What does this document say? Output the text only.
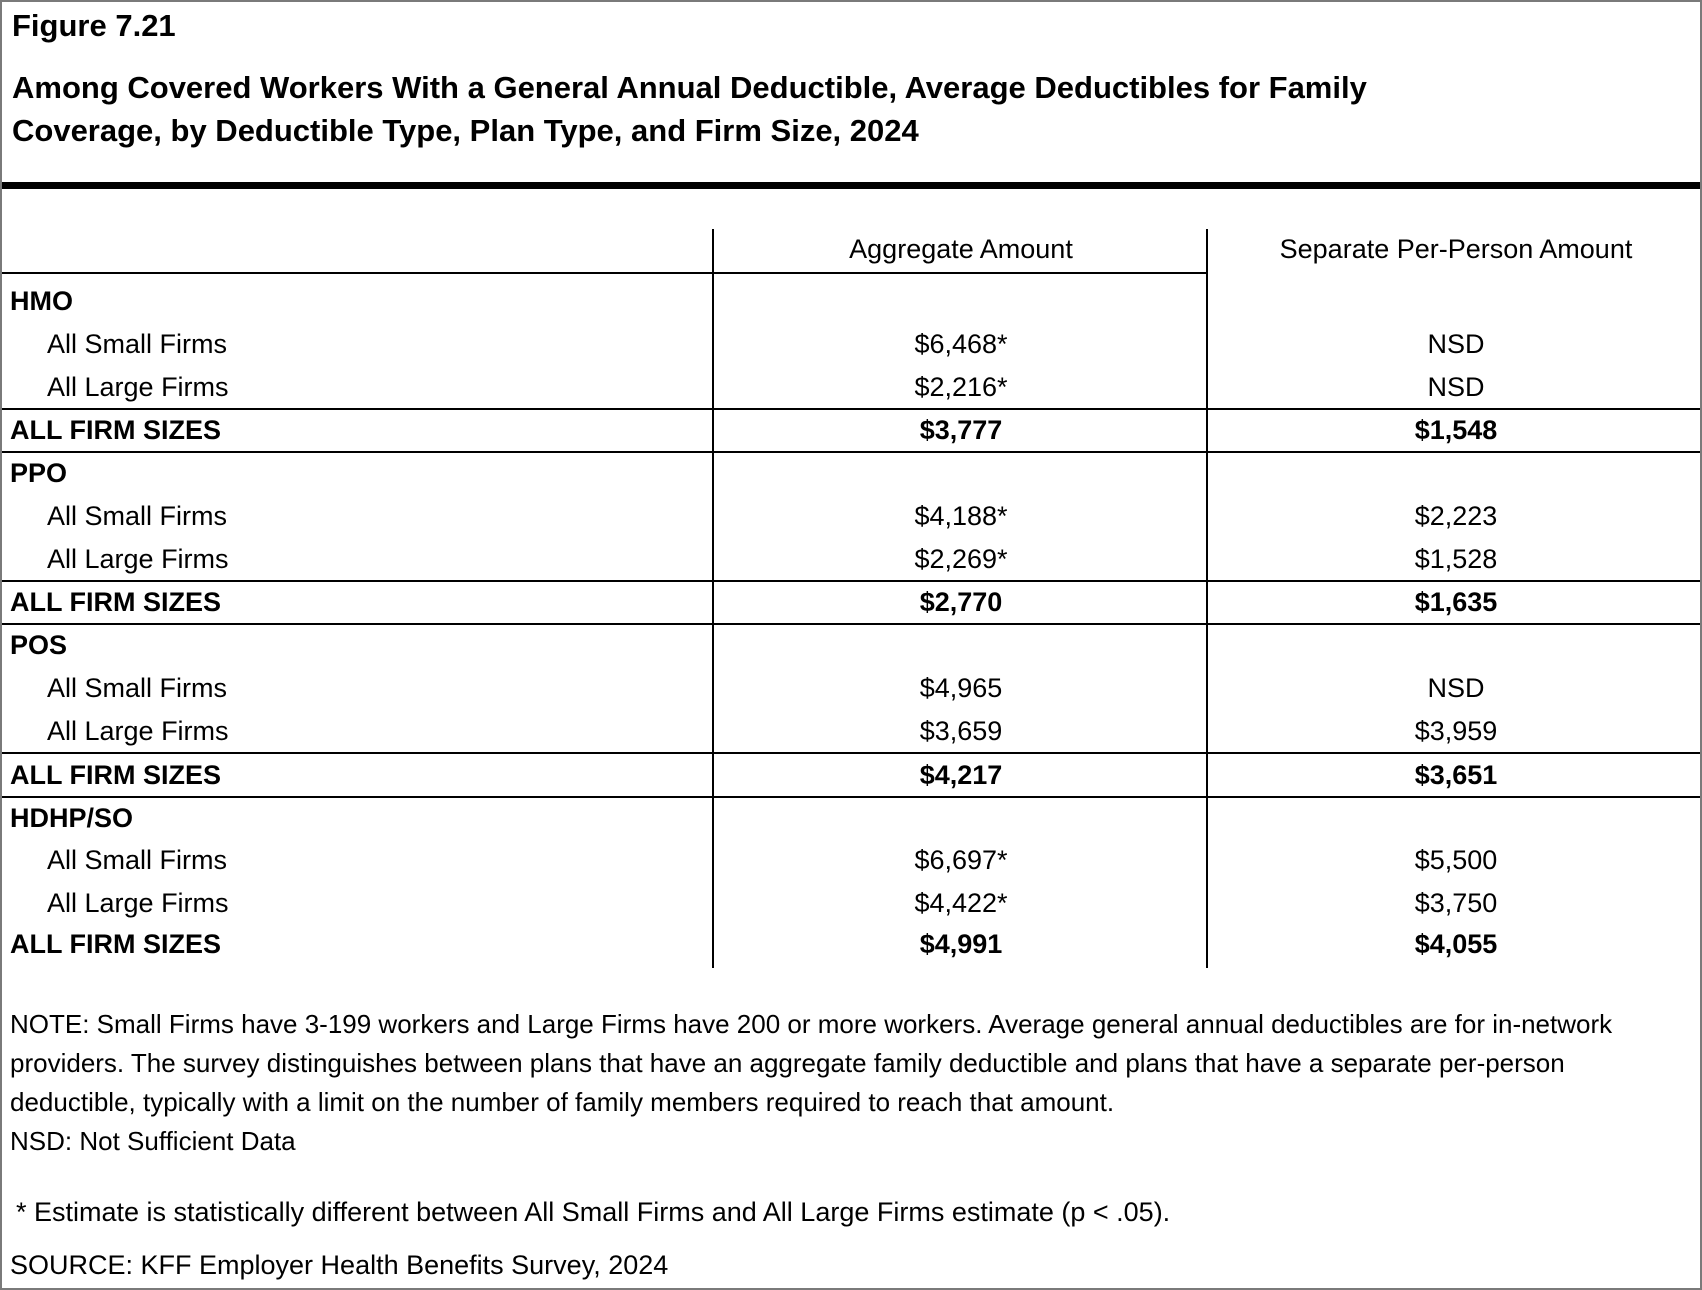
Figure 7.21
Among Covered Workers With a General Annual Deductible, Average Deductibles for Family
Coverage, by Deductible Type, Plan Type, and Firm Size, 2024
Aggregate Amount	Separate Per-Person Amount
HMO
All Small Firms	$6,468*	NSD
All Large Firms	$2,216*	NSD
ALL FIRM SIZES	$3,777	$1,548
PPO
All Small Firms	$4,188*	$2,223
All Large Firms	$2,269*	$1,528
ALL FIRM SIZES	$2,770	$1,635
POS
All Small Firms	$4,965	NSD
All Large Firms	$3,659	$3,959
ALL FIRM SIZES	$4,217	$3,651
HDHP/SO
All Small Firms	$6,697*	$5,500
All Large Firms	$4,422*	$3,750
ALL FIRM SIZES	$4,991	$4,055
NOTE: Small Firms have 3-199 workers and Large Firms have 200 or more workers. Average general annual deductibles are for in-network
providers. The survey distinguishes between plans that have an aggregate family deductible and plans that have a separate per-person
deductible, typically with a limit on the number of family members required to reach that amount.
NSD: Not Sufficient Data
* Estimate is statistically different between All Small Firms and All Large Firms estimate (p < .05).
SOURCE: KFF Employer Health Benefits Survey, 2024
